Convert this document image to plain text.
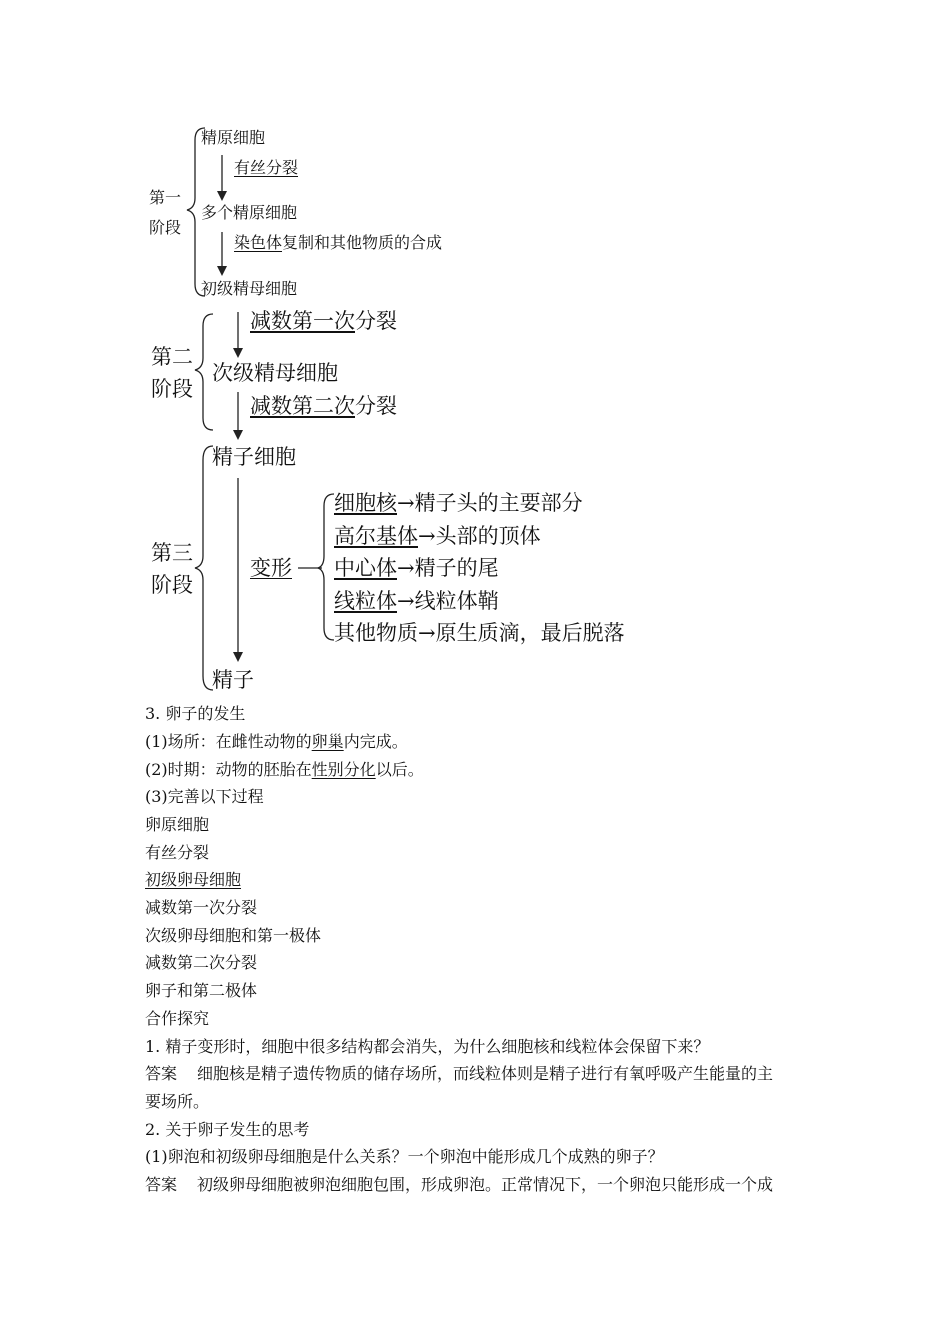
第一
阶段
精原细胞
有丝分裂
多个精原细胞
染色体复制和其他物质的合成
初级精母细胞
第二
阶段
减数第一次分裂
次级精母细胞
减数第二次分裂
第三
阶段
精子细胞
变形
精子
细胞核→精子头的主要部分
高尔基体→头部的顶体
中心体→精子的尾
线粒体→线粒体鞘
其他物质→原生质滴，最后脱落
3. 卵子的发生
(1)场所：在雌性动物的卵巢内完成。
(2)时期：动物的胚胎在性别分化以后。
(3)完善以下过程
卵原细胞
有丝分裂
初级卵母细胞
减数第一次分裂
次级卵母细胞和第一极体
减数第二次分裂
卵子和第二极体
合作探究
1. 精子变形时，细胞中很多结构都会消失，为什么细胞核和线粒体会保留下来？
答案 细胞核是精子遗传物质的储存场所，而线粒体则是精子进行有氧呼吸产生能量的主
要场所。
2. 关于卵子发生的思考
(1)卵泡和初级卵母细胞是什么关系？一个卵泡中能形成几个成熟的卵子？
答案 初级卵母细胞被卵泡细胞包围，形成卵泡。正常情况下，一个卵泡只能形成一个成
